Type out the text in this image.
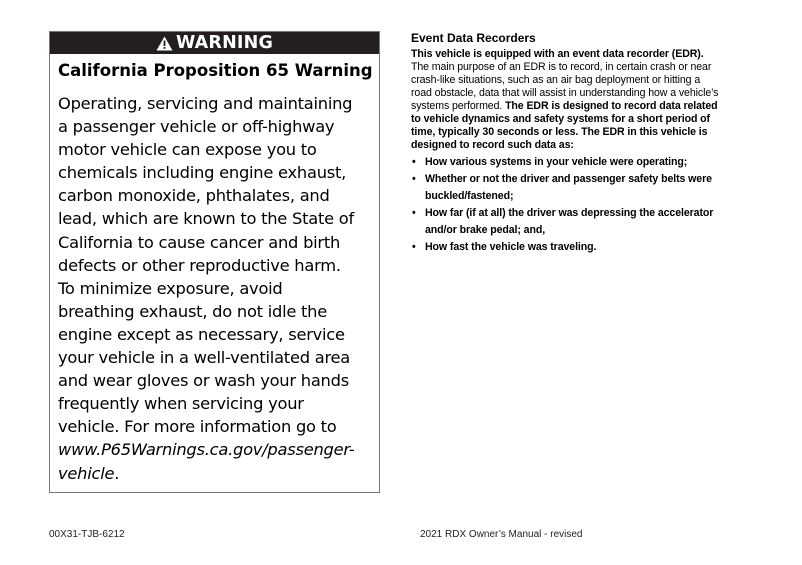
WARNING
California Proposition 65 Warning
Operating, servicing and maintaining
a passenger vehicle or off-highway
motor vehicle can expose you to
chemicals including engine exhaust,
carbon monoxide, phthalates, and
lead, which are known to the State of
California to cause cancer and birth
defects or other reproductive harm.
To minimize exposure, avoid
breathing exhaust, do not idle the
engine except as necessary, service
your vehicle in a well-ventilated area
and wear gloves or wash your hands
frequently when servicing your
vehicle. For more information go to
www.P65Warnings.ca.gov/passenger-
vehicle.
Event Data Recorders
This vehicle is equipped with an event data recorder (EDR).
The main purpose of an EDR is to record, in certain crash or near
crash-like situations, such as an air bag deployment or hitting a
road obstacle, data that will assist in understanding how a vehicle’s
systems performed. The EDR is designed to record data related
to vehicle dynamics and safety systems for a short period of
time, typically 30 seconds or less. The EDR in this vehicle is
designed to record such data as:
• How various systems in your vehicle were operating;
• Whether or not the driver and passenger safety belts were
buckled/fastened;
• How far (if at all) the driver was depressing the accelerator
and/or brake pedal; and,
• How fast the vehicle was traveling.
00X31-TJB-6212	2021 RDX Owner’s Manual - revised
